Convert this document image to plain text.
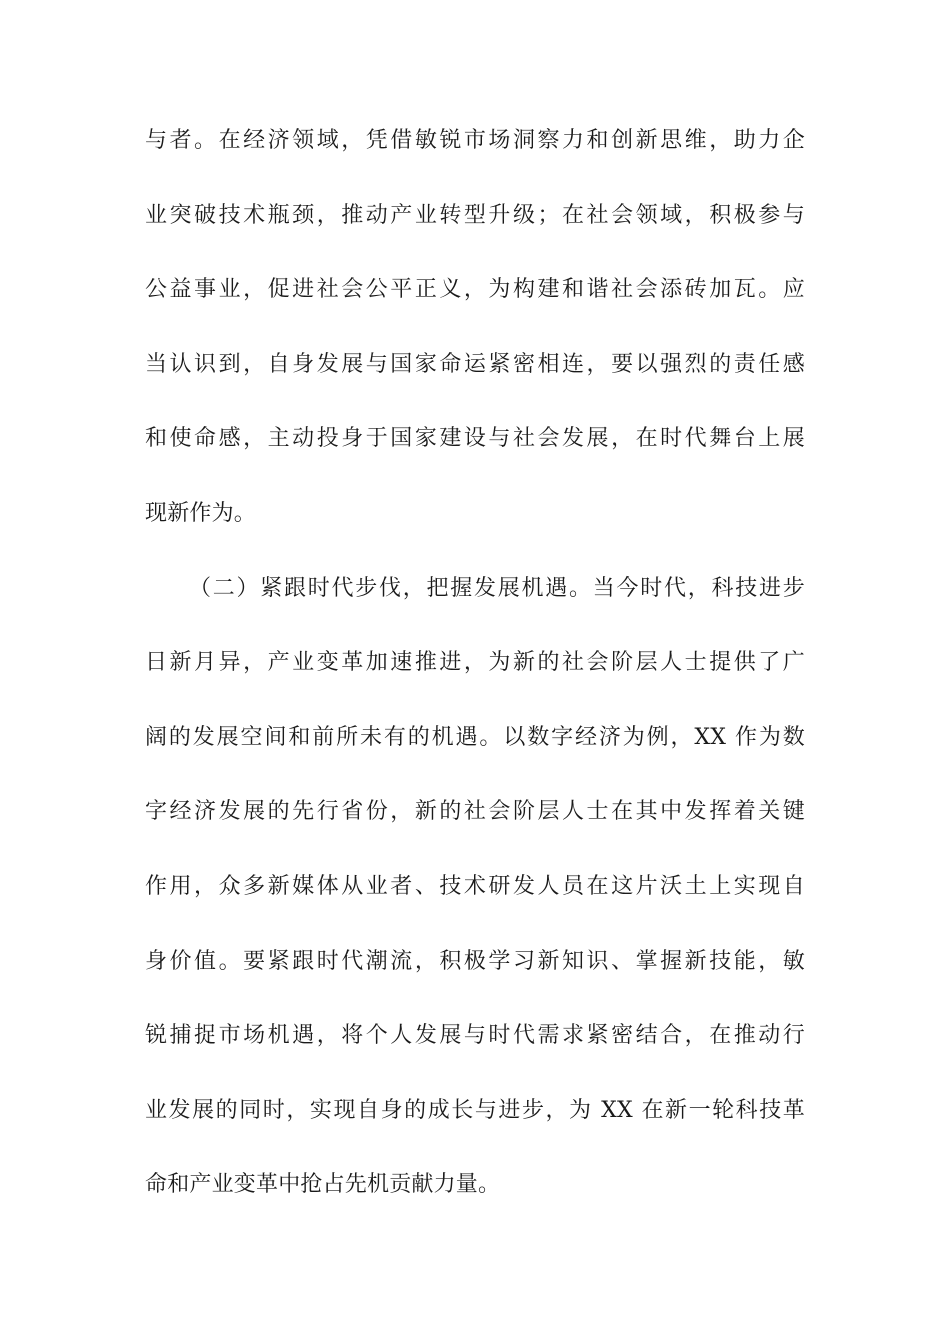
与者。在经济领域，凭借敏锐市场洞察力和创新思维，助力企
业突破技术瓶颈，推动产业转型升级；在社会领域，积极参与
公益事业，促进社会公平正义，为构建和谐社会添砖加瓦。应
当认识到，自身发展与国家命运紧密相连，要以强烈的责任感
和使命感，主动投身于国家建设与社会发展，在时代舞台上展
现新作为。
（二）紧跟时代步伐，把握发展机遇。当今时代，科技进步
日新月异，产业变革加速推进，为新的社会阶层人士提供了广
阔的发展空间和前所未有的机遇。以数字经济为例，XX 作为数
字经济发展的先行省份，新的社会阶层人士在其中发挥着关键
作用，众多新媒体从业者、技术研发人员在这片沃土上实现自
身价值。要紧跟时代潮流，积极学习新知识、掌握新技能，敏
锐捕捉市场机遇，将个人发展与时代需求紧密结合，在推动行
业发展的同时，实现自身的成长与进步，为 XX 在新一轮科技革
命和产业变革中抢占先机贡献力量。
